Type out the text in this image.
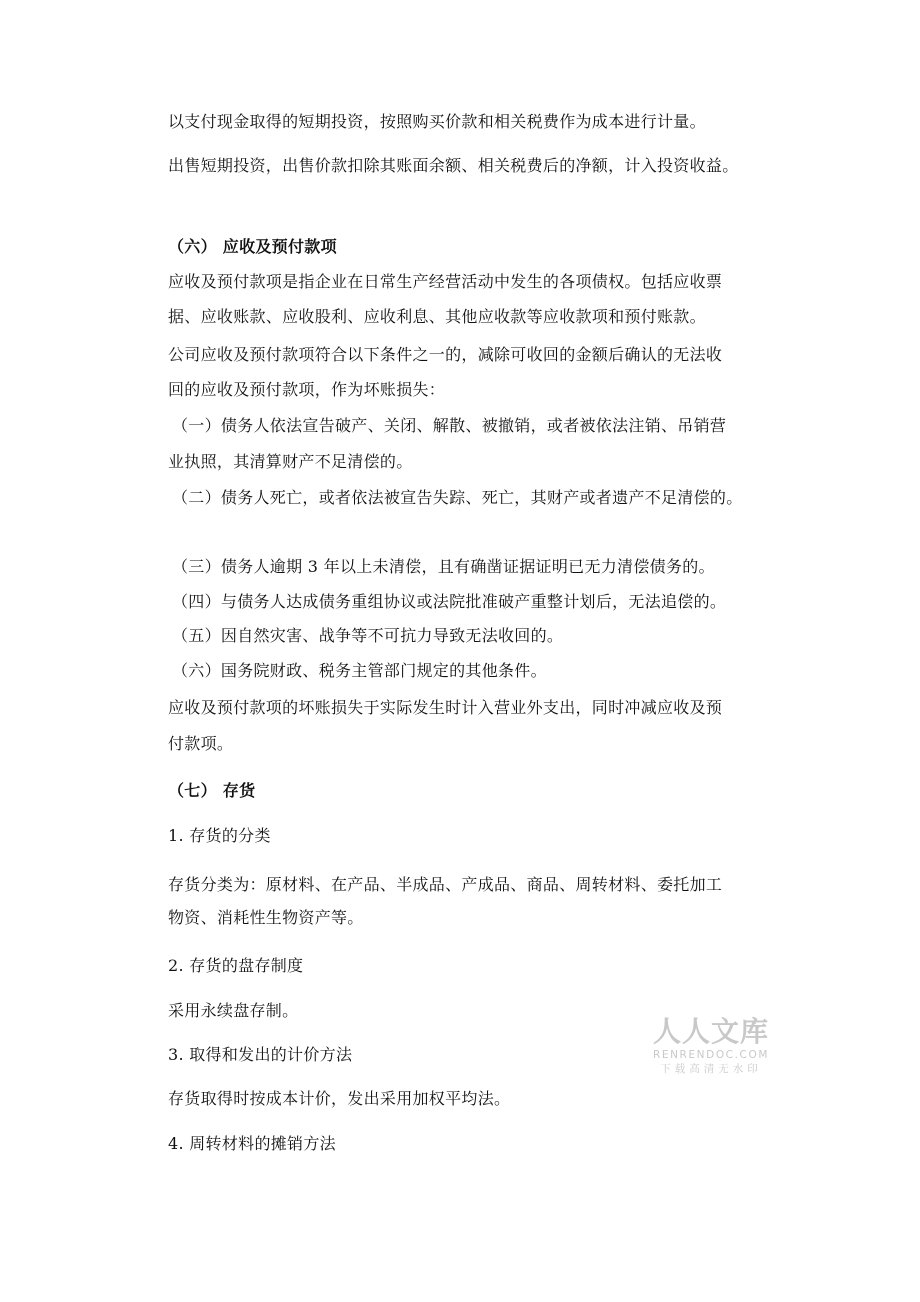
以支付现金取得的短期投资，按照购买价款和相关税费作为成本进行计量。
出售短期投资，出售价款扣除其账面余额、相关税费后的净额，计入投资收益。
（六） 应收及预付款项
应收及预付款项是指企业在日常生产经营活动中发生的各项债权。包括应收票
据、应收账款、应收股利、应收利息、其他应收款等应收款项和预付账款。
公司应收及预付款项符合以下条件之一的，减除可收回的金额后确认的无法收
回的应收及预付款项，作为坏账损失：
（一）债务人依法宣告破产、关闭、解散、被撤销，或者被依法注销、吊销营
业执照，其清算财产不足清偿的。
（二）债务人死亡，或者依法被宣告失踪、死亡，其财产或者遗产不足清偿的。
（三）债务人逾期 3 年以上未清偿，且有确凿证据证明已无力清偿债务的。
（四）与债务人达成债务重组协议或法院批准破产重整计划后，无法追偿的。
（五）因自然灾害、战争等不可抗力导致无法收回的。
（六）国务院财政、税务主管部门规定的其他条件。
应收及预付款项的坏账损失于实际发生时计入营业外支出，同时冲减应收及预
付款项。
（七） 存货
1. 存货的分类
存货分类为：原材料、在产品、半成品、产成品、商品、周转材料、委托加工
物资、消耗性生物资产等。
2. 存货的盘存制度
采用永续盘存制。
3. 取得和发出的计价方法
存货取得时按成本计价，发出采用加权平均法。
4. 周转材料的摊销方法
人人文库
RENRENDOC.COM
下载高清无水印
